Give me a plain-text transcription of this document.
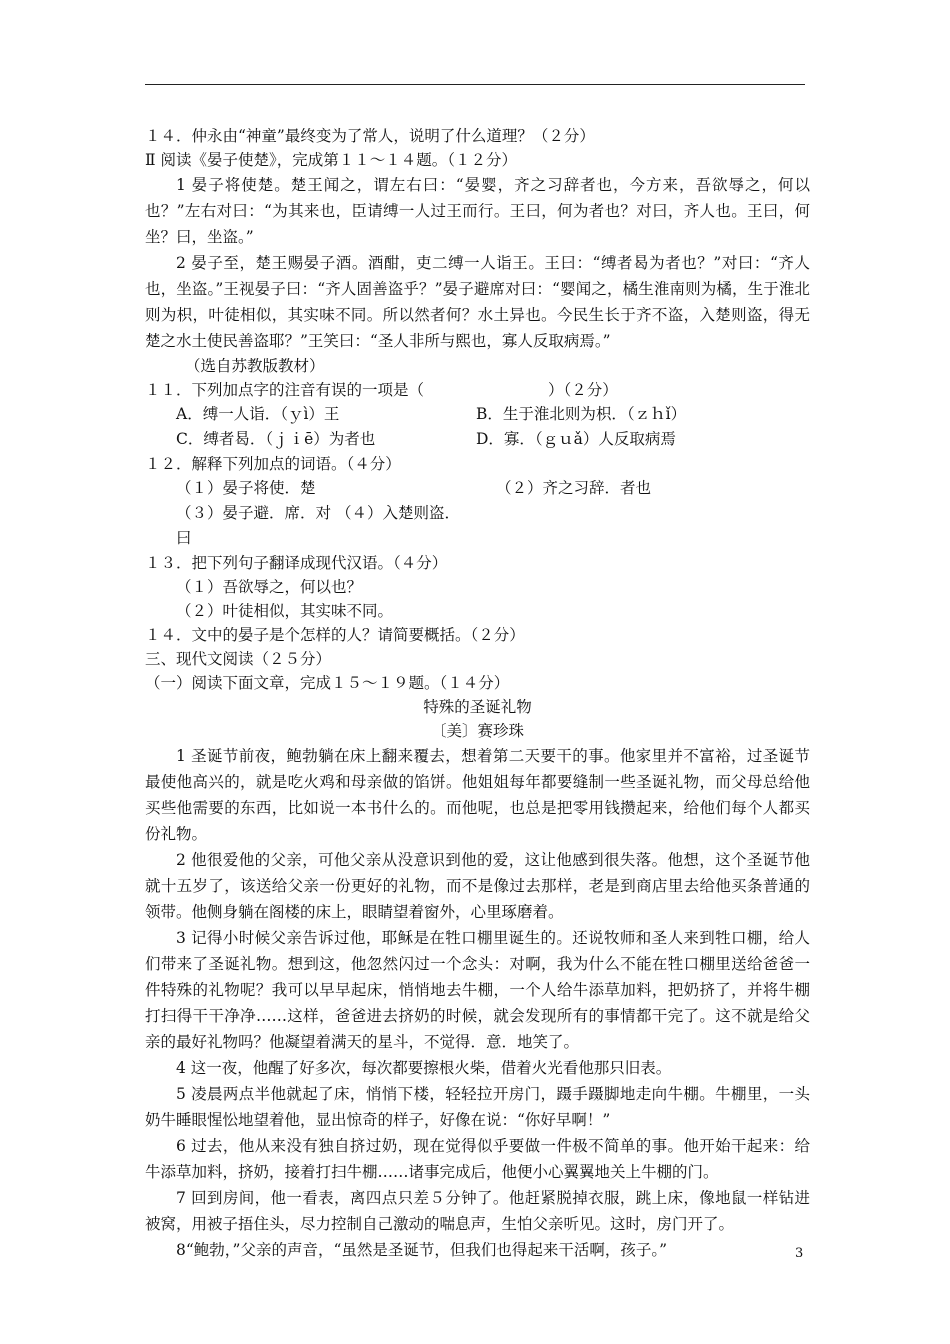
１４．仲永由“神童”最终变为了常人，说明了什么道理？（２分）
Ⅱ 阅读《晏子使楚》，完成第１１～１４题。（１２分）

1 晏子将使楚。楚王闻之，谓左右曰：“晏婴，齐之习辞者也，今方来，吾欲辱之，何以也？”左右对曰：“为其来也，臣请缚一人过王而行。王曰，何为者也？对曰，齐人也。王曰，何坐？曰，坐盗。”

2 晏子至，楚王赐晏子酒。酒酣，吏二缚一人诣王。王曰：“缚者曷为者也？”对曰：“齐人也，坐盗。”王视晏子曰：“齐人固善盗乎？”晏子避席对曰：“婴闻之，橘生淮南则为橘，生于淮北则为枳，叶徒相似，其实味不同。所以然者何？水土异也。今民生长于齐不盗，入楚则盗，得无楚之水土使民善盗耶？”王笑曰：“圣人非所与熙也，寡人反取病焉。”

（选自苏教版教材）
１１．下列加点字的注音有误的一项是（　　　　　　　　）（２分）
A．缚一人诣．（ｙì）王	B．生于淮北则为枳．（ｚｈǐ）
C．缚者曷．（ｊｉē）为者也	D．寡．（ｇｕǎ）人反取病焉
１２．解释下列加点的词语。（４分）
（１）晏子将使．楚	（２）齐之习辞．者也
（３）晏子避．席．对曰
（４）入楚则盗．
１３．把下列句子翻译成现代汉语。（４分）
（１）吾欲辱之，何以也？
（２）叶徒相似，其实味不同。
１４．文中的晏子是个怎样的人？请简要概括。（２分）
三、现代文阅读（２５分）
（一）阅读下面文章，完成１５～１９题。（１４分）
特殊的圣诞礼物
〔美〕赛珍珠

1 圣诞节前夜，鲍勃躺在床上翻来覆去，想着第二天要干的事。他家里并不富裕，过圣诞节最使他高兴的，就是吃火鸡和母亲做的馅饼。他姐姐每年都要缝制一些圣诞礼物，而父母总给他买些他需要的东西，比如说一本书什么的。而他呢，也总是把零用钱攒起来，给他们每个人都买份礼物。

2 他很爱他的父亲，可他父亲从没意识到他的爱，这让他感到很失落。他想，这个圣诞节他就十五岁了，该送给父亲一份更好的礼物，而不是像过去那样，老是到商店里去给他买条普通的领带。他侧身躺在阁楼的床上，眼睛望着窗外，心里琢磨着。

3 记得小时候父亲告诉过他，耶稣是在牲口棚里诞生的。还说牧师和圣人来到牲口棚，给人们带来了圣诞礼物。想到这，他忽然闪过一个念头：对啊，我为什么不能在牲口棚里送给爸爸一件特殊的礼物呢？我可以早早起床，悄悄地去牛棚，一个人给牛添草加料，把奶挤了，并将牛棚打扫得干干净净……这样，爸爸进去挤奶的时候，就会发现所有的事情都干完了。这不就是给父亲的最好礼物吗？他凝望着满天的星斗，不觉得．意．地笑了。

4 这一夜，他醒了好多次，每次都要擦根火柴，借着火光看他那只旧表。

5 凌晨两点半他就起了床，悄悄下楼，轻轻拉开房门，蹑手蹑脚地走向牛棚。牛棚里，一头奶牛睡眼惺忪地望着他，显出惊奇的样子，好像在说：“你好早啊！”

6 过去，他从来没有独自挤过奶，现在觉得似乎要做一件极不简单的事。他开始干起来：给牛添草加料，挤奶，接着打扫牛棚……诸事完成后，他便小心翼翼地关上牛棚的门。

7 回到房间，他一看表，离四点只差５分钟了。他赶紧脱掉衣服，跳上床，像地鼠一样钻进被窝，用被子捂住头，尽力控制自己激动的喘息声，生怕父亲听见。这时，房门开了。

8“鲍勃，”父亲的声音，“虽然是圣诞节，但我们也得起来干活啊，孩子。”	3
